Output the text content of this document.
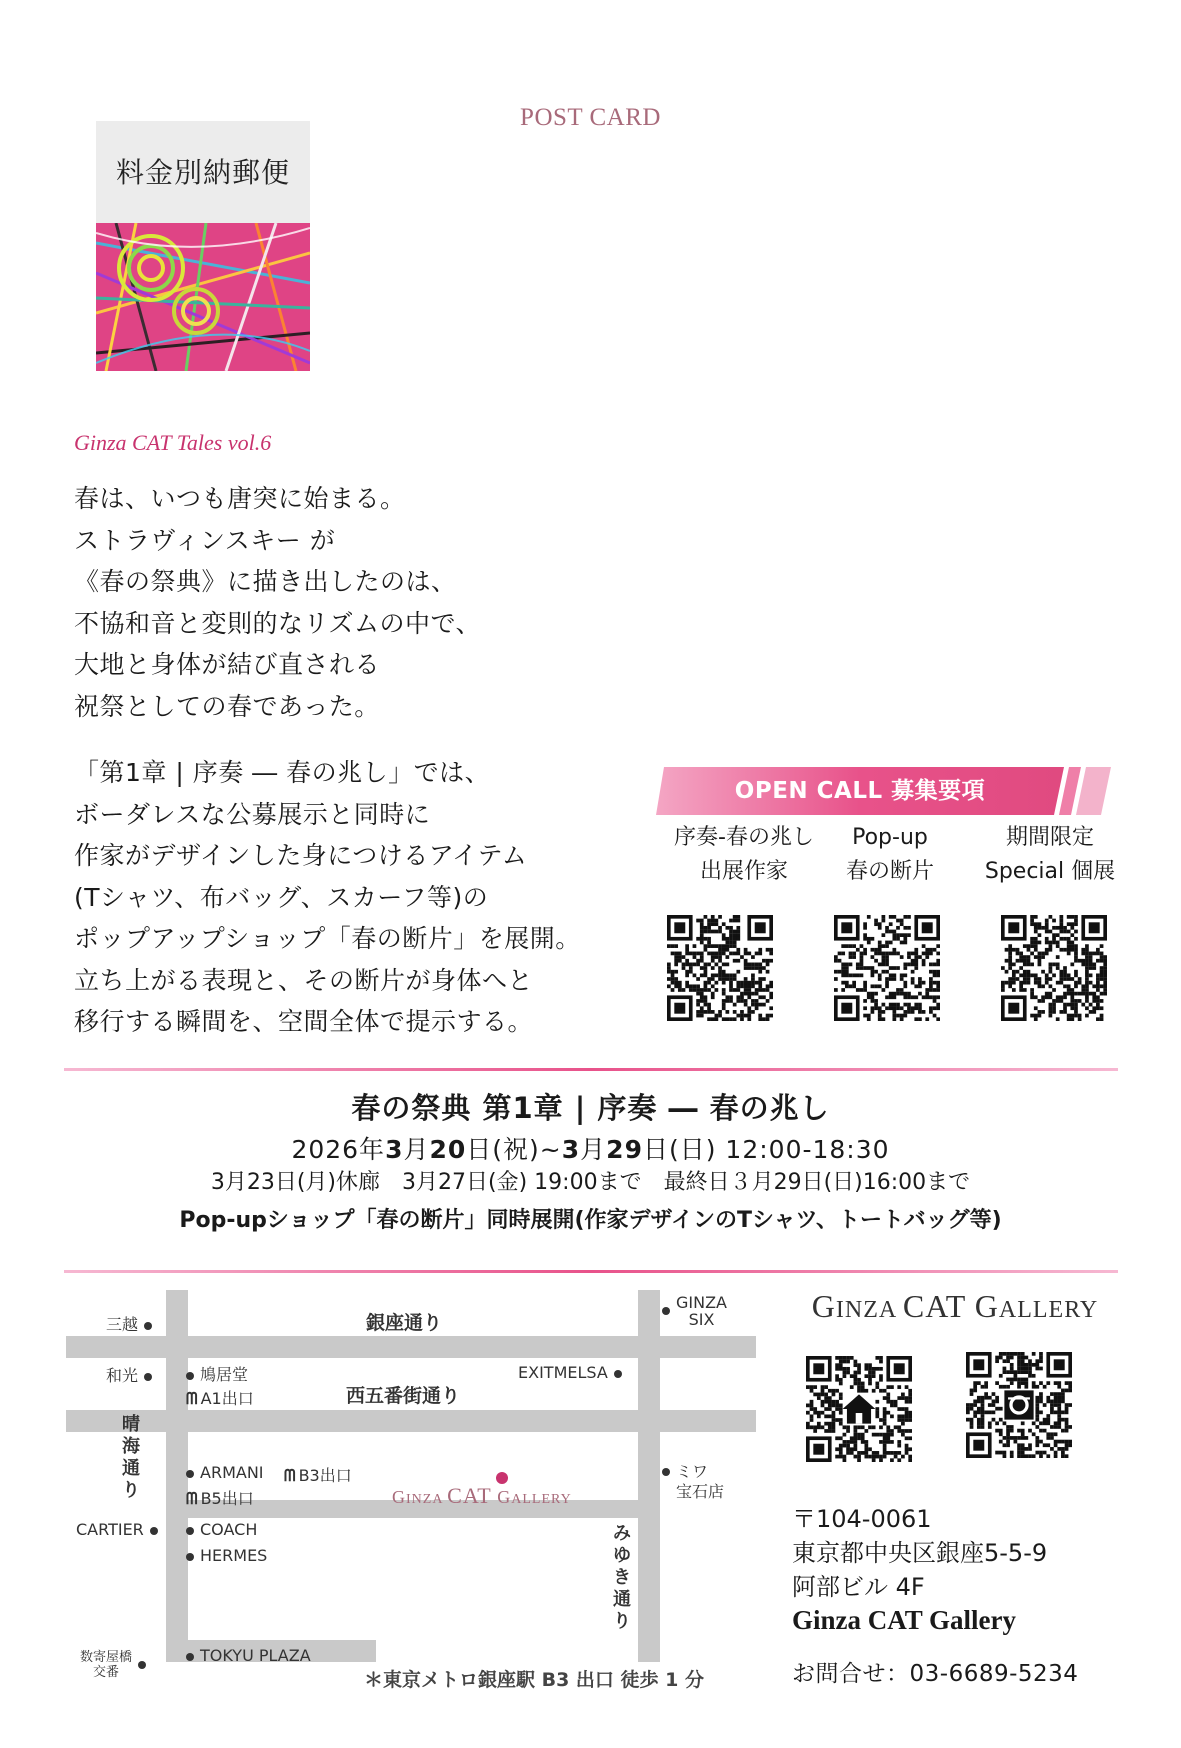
POST CARD
料金別納郵便
Ginza CAT Tales vol.6
春は、いつも唐突に始まる。
ストラヴィンスキー が
《春の祭典》に描き出したのは、
不協和音と変則的なリズムの中で、
大地と身体が結び直される
祝祭としての春であった。
「第1章 | 序奏 ― 春の兆し」では、
ボーダレスな公募展示と同時に
作家がデザインした身につけるアイテム
(Tシャツ、布バッグ、スカーフ等)の
ポップアップショップ「春の断片」を展開。
立ち上がる表現と、その断片が身体へと
移行する瞬間を、空間全体で提示する。
OPEN CALL 募集要項
序奏-春の兆し
出展作家
Pop-up
春の断片
期間限定
Special 個展
春の祭典 第1章 | 序奏 ― 春の兆し
2026年3月20日(祝)~3月29日(日) 12:00-18:30
3月23日(月)休廊　3月27日(金) 19:00まで　最終日３月29日(日)16:00まで
Pop-upショップ「春の断片」同時展開(作家デザインのTシャツ、トートバッグ等)
三越	銀座通り
GINZA
SIX
和光	鳩居堂
ᗰ A1出口
EXITMELSA
晴海通り
西五番街通り
ARMANI ᗰ B3出口
ᗰ B5出口	GINZA CAT GALLERY
ミワ
宝石店
CARTIER	COACH
HERMES
みゆき通り
数寄屋橋
交番
TOKYU PLAZA
＊東京メトロ銀座駅 B3 出口 徒歩 1 分
GINZA CAT GALLERY
〒104-0061
東京都中央区銀座5-5-9
阿部ビル 4F
Ginza CAT Gallery
お問合せ：03-6689-5234
